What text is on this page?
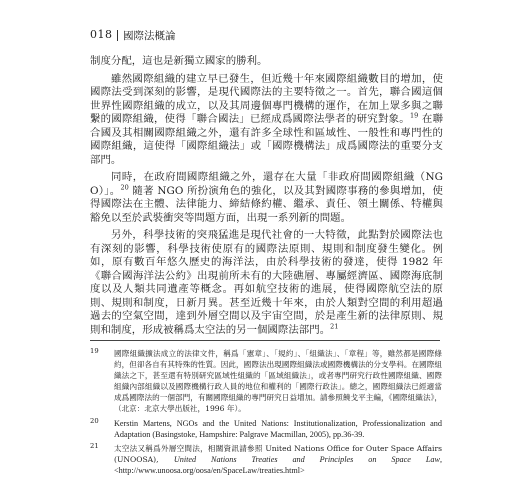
018 國際法概論

制度分配，這也是新獨立國家的勝利。

雖然國際組織的建立早已發生，但近幾十年來國際組織數目的增加，使國際法受到深刻的影響，是現代國際法的主要特徵之一。首先，聯合國這個世界性國際組織的成立，以及其周邊個專門機構的運作，在加上眾多與之聯繫的國際組織，使得「聯合國法」已經成爲國際法學者的研究對象。$^{19}$ 在聯合國及其相關國際組織之外，還有許多全球性和區域性、一般性和專門性的國際組織，這使得「國際組織法」或「國際機構法」成爲國際法的重要分支部門。

同時，在政府間國際組織之外，還存在大量「非政府間國際組織（NGO）」。$^{20}$ 隨著 NGO 所扮演角色的強化，以及其對國際事務的參與增加，使得國際法在主體、法律能力、締結條約權、繼承、責任、領土關係、特權與豁免以至於武裝衝突等問題方面，出現一系列新的問題。

另外，科學技術的突飛猛進是現代社會的一大特徵，此點對於國際法也有深刻的影響，科學技術使原有的國際法原則、規則和制度發生變化。例如，原有數百年悠久歷史的海洋法，由於科學技術的發達，使得 1982 年《聯合國海洋法公約》出現前所未有的大陸礁層、專屬經濟區、國際海底制度以及人類共同遺產等概念。再如航空技術的進展，使得國際航空法的原則、規則和制度，日新月異。甚至近幾十年來，由於人類對空間的利用超過過去的空氣空間，達到外層空間以及宇宙空間，於是產生新的法律原則、規則和制度，形成被稱爲太空法的另一個國際法部門。$^{21}$

19 國際組織擴法成立的法律文件，稱爲「憲章」、「規約」、「組織法」、「章程」等，雖然都是國際條約，但卻各自有其特殊的性質。因此，國際法出現國際組織法或國際機構法的分支學科。在國際組織法之下，甚至還有特別研究區域性組織的「區域組織法」，或者專門研究行政性國際組織、國際組織內部組織以及國際機構行政人員的地位和權利的「國際行政法」。總之，國際組織法已經適當成爲國際法的一個部門，有關國際組織的專門研究日益增加。請參照饒戈平主編，《國際組織法》，（北京：北京大學出版社，1996 年）。

20 Kerstin Martens, NGOs and the United Nations: Institutionalization, Professionalization and Adaptation (Basingstoke, Hampshire: Palgrave Macmillan, 2005), pp.36-39.

21 太空法又稱爲外層空間法，相關資訊請參照 United Nations Office for Outer Space Affairs (UNOOSA), United Nations Treaties and Principles on Space Law, <http://www.unoosa.org/oosa/en/SpaceLaw/treaties.html>
